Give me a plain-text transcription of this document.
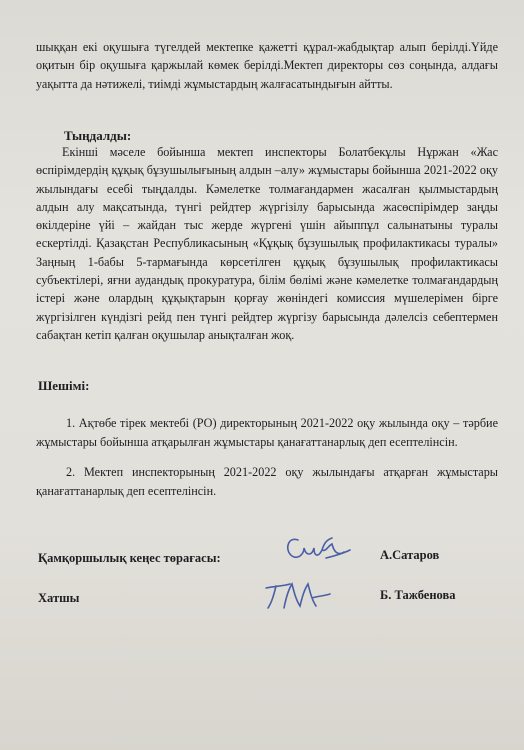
шыққан екі оқушыға түгелдей мектепке қажетті құрал-жабдықтар алып берілді.Үйде оқитын бір оқушыға қаржылай көмек берілді.Мектеп директоры сөз соңында, алдағы уақытта да нәтижелі, тиімді жұмыстардың жалғасатындығын айтты.

Тыңдалды:

Екінші мәселе бойынша мектеп инспекторы Болатбекұлы Нұржан «Жас өспірімдердің құқық бұзушылығының алдын –алу» жұмыстары бойынша 2021-2022 оқу жылындағы есебі тыңдалды. Кәмелетке толмағандармен жасалған қылмыстардың алдын алу мақсатында, түнгі рейдтер жүргізілу барысында жасөспірімдер заңды өкілдеріне үйі – жайдан тыс жерде жүргені үшін айыппұл салынатыны туралы ескертілді. Қазақстан Республикасының «Құқық бұзушылық профилактикасы туралы» Заңның 1-бабы 5-тармағында көрсетілген құқық бұзушылық профилактикасы субъектілері, яғни аудандық прокуратура, білім бөлімі және кәмелетке толмағандардың істері және олардың құқықтарын қорғау жөніндегі комиссия мүшелерімен бірге жүргізілген күндізгі рейд пен түнгі рейдтер жүргізу барысында дәлелсіз себептермен сабақтан кетіп қалған оқушылар анықталған жоқ.

Шешімі:

1. Ақтөбе тірек мектебі (РО) директорының 2021-2022 оқу жылында оқу – тәрбие жұмыстары бойынша атқарылған жұмыстары қанағаттанарлық деп есептелінсін.

2. Мектеп инспекторының 2021-2022 оқу жылындағы атқарған жұмыстары қанағаттанарлық деп есептелінсін.

Қамқоршылық кеңес төрағасы:	А.Сатаров

Хатшы	Б. Тажбенова
